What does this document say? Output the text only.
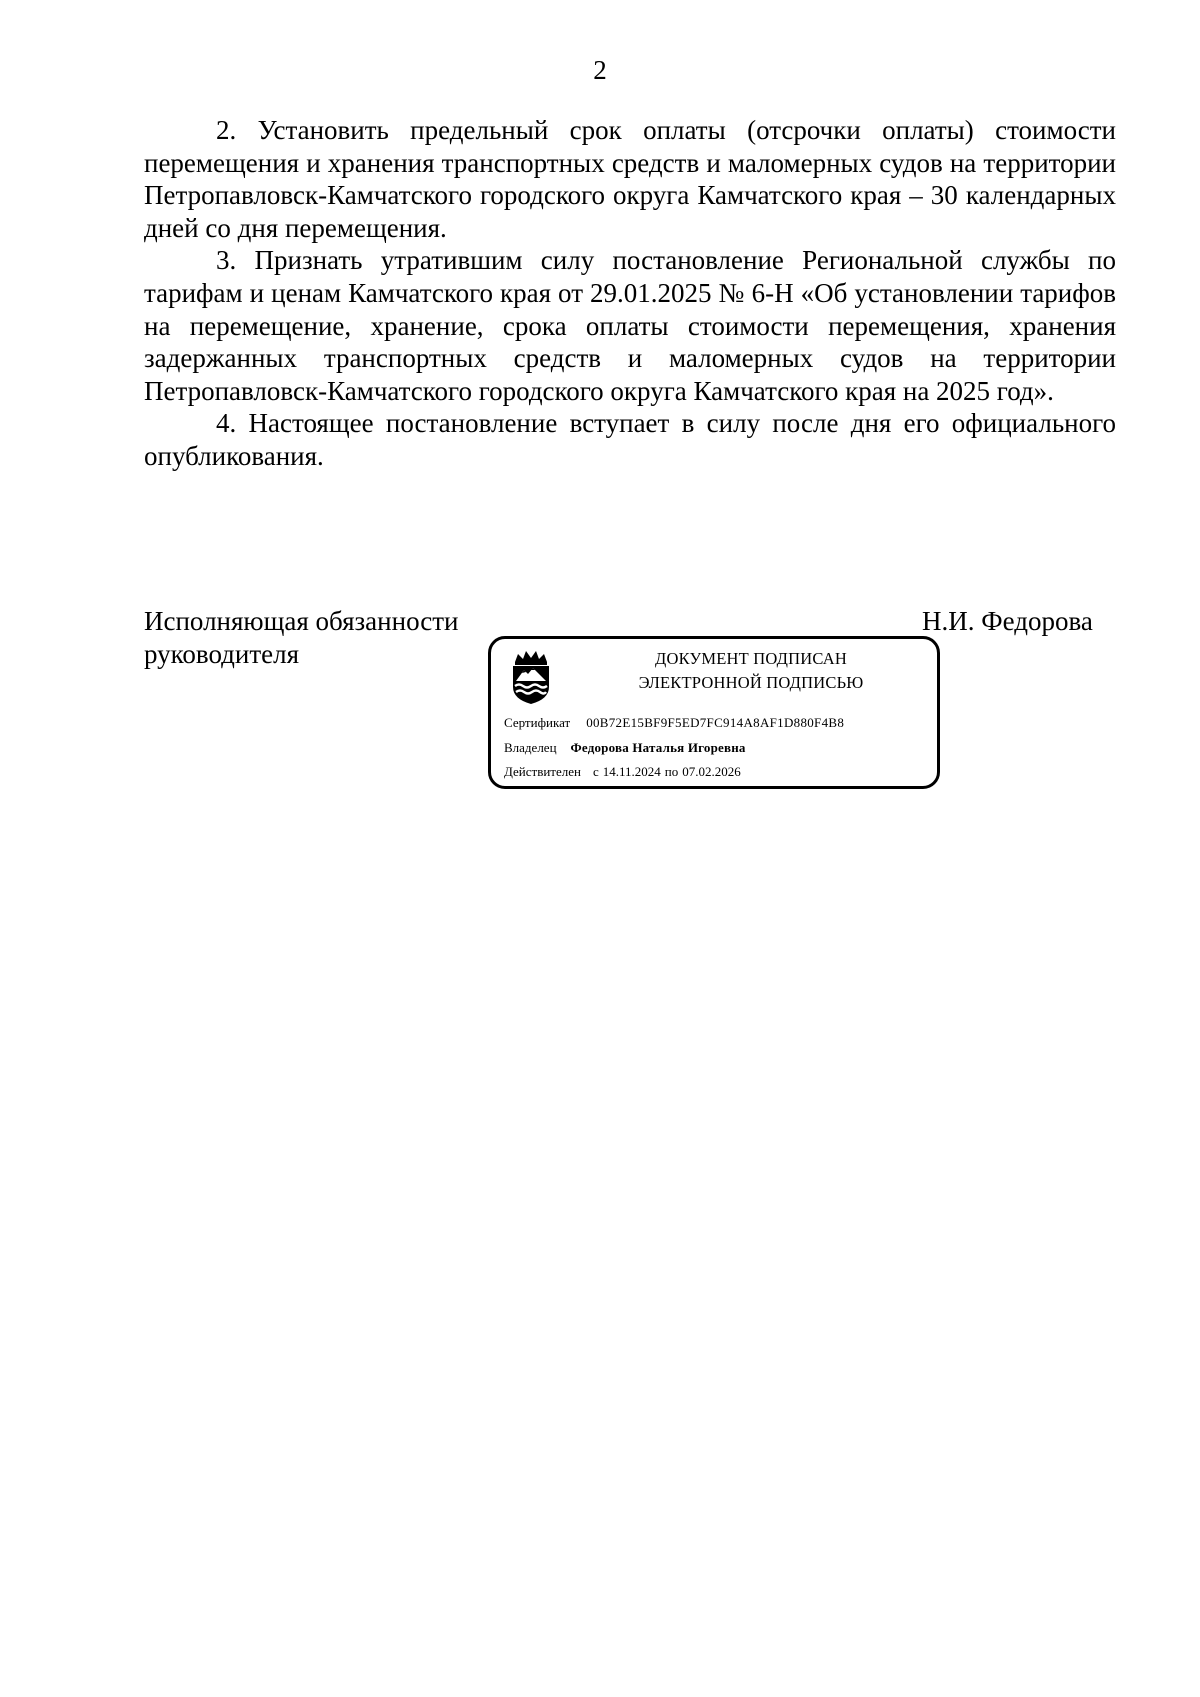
2

2. Установить предельный срок оплаты (отсрочки оплаты) стоимости перемещения и хранения транспортных средств и маломерных судов на территории Петропавловск-Камчатского городского округа Камчатского края – 30 календарных дней со дня перемещения.

3. Признать утратившим силу постановление Региональной службы по тарифам и ценам Камчатского края от 29.01.2025 № 6-Н «Об установлении тарифов на перемещение, хранение, срока оплаты стоимости перемещения, хранения задержанных транспортных средств и маломерных судов на территории Петропавловск-Камчатского городского округа Камчатского края на 2025 год».

4. Настоящее постановление вступает в силу после дня его официального опубликования.

Исполняющая обязанности
руководителя
Н.И. Федорова
ДОКУМЕНТ ПОДПИСАН
ЭЛЕКТРОННОЙ ПОДПИСЬЮ
Сертификат 00B72E15BF9F5ED7FC914A8AF1D880F4B8
Владелец Федорова Наталья Игоревна
Действителен с 14.11.2024 по 07.02.2026
